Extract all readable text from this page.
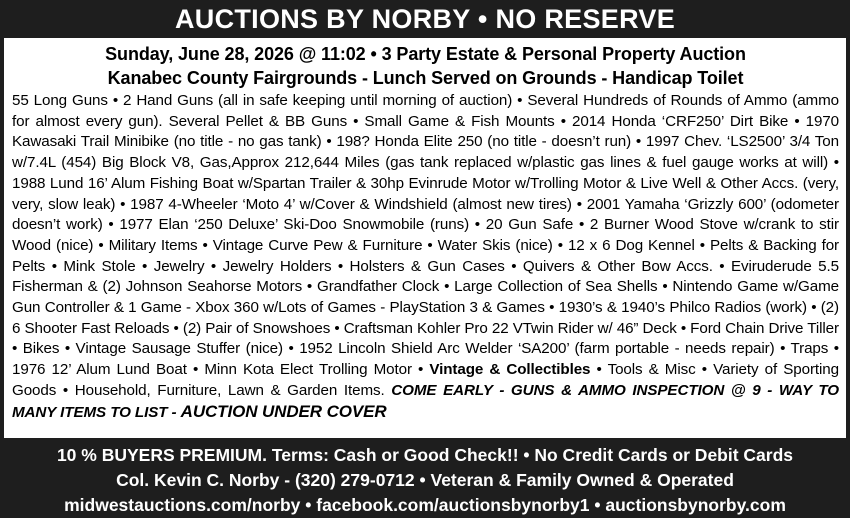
AUCTIONS BY NORBY • NO RESERVE
Sunday, June 28, 2026 @ 11:02 • 3 Party Estate & Personal Property Auction
Kanabec County Fairgrounds - Lunch Served on Grounds - Handicap Toilet
55 Long Guns • 2 Hand Guns (all in safe keeping until morning of auction) • Several Hundreds of Rounds of Ammo (ammo for almost every gun). Several Pellet & BB Guns • Small Game & Fish Mounts • 2014 Honda ‘CRF250’ Dirt Bike • 1970 Kawasaki Trail Minibike (no title - no gas tank) • 198? Honda Elite 250 (no title - doesn’t run) • 1997 Chev. ‘LS2500’ 3/4 Ton w/7.4L (454) Big Block V8, Gas,Approx 212,644 Miles (gas tank replaced w/plastic gas lines & fuel gauge works at will) • 1988 Lund 16’ Alum Fishing Boat w/Spartan Trailer & 30hp Evinrude Motor w/Trolling Motor & Live Well & Other Accs. (very, very, slow leak) • 1987 4-Wheeler ‘Moto 4’ w/Cover & Windshield (almost new tires) • 2001 Yamaha ‘Grizzly 600’ (odometer doesn’t work) • 1977 Elan ‘250 Deluxe’ Ski-Doo Snowmobile (runs) • 20 Gun Safe • 2 Burner Wood Stove w/crank to stir Wood (nice) • Military Items • Vintage Curve Pew & Furniture • Water Skis (nice) • 12 x 6 Dog Kennel • Pelts & Backing for Pelts • Mink Stole • Jewelry • Jewelry Holders • Holsters & Gun Cases • Quivers & Other Bow Accs. • Eviruderude 5.5 Fisherman & (2) Johnson Seahorse Motors • Grandfather Clock • Large Collection of Sea Shells • Nintendo Game w/Game Gun Controller & 1 Game - Xbox 360 w/Lots of Games - PlayStation 3 & Games • 1930’s & 1940’s Philco Radios (work) • (2) 6 Shooter Fast Reloads • (2) Pair of Snowshoes • Craftsman Kohler Pro 22 VTwin Rider w/ 46” Deck • Ford Chain Drive Tiller • Bikes • Vintage Sausage Stuffer (nice) • 1952 Lincoln Shield Arc Welder ‘SA200’ (farm portable - needs repair) • Traps • 1976 12’ Alum Lund Boat • Minn Kota Elect Trolling Motor • Vintage & Collectibles • Tools & Misc • Variety of Sporting Goods • Household, Furniture, Lawn & Garden Items. COME EARLY - GUNS & AMMO INSPECTION @ 9 - WAY TO MANY ITEMS TO LIST - AUCTION UNDER COVER
10 % BUYERS PREMIUM. Terms: Cash or Good Check!! • No Credit Cards or Debit Cards
Col. Kevin C. Norby - (320) 279-0712 • Veteran & Family Owned & Operated
midwestauctions.com/norby • facebook.com/auctionsbynorby1 • auctionsbynorby.com
